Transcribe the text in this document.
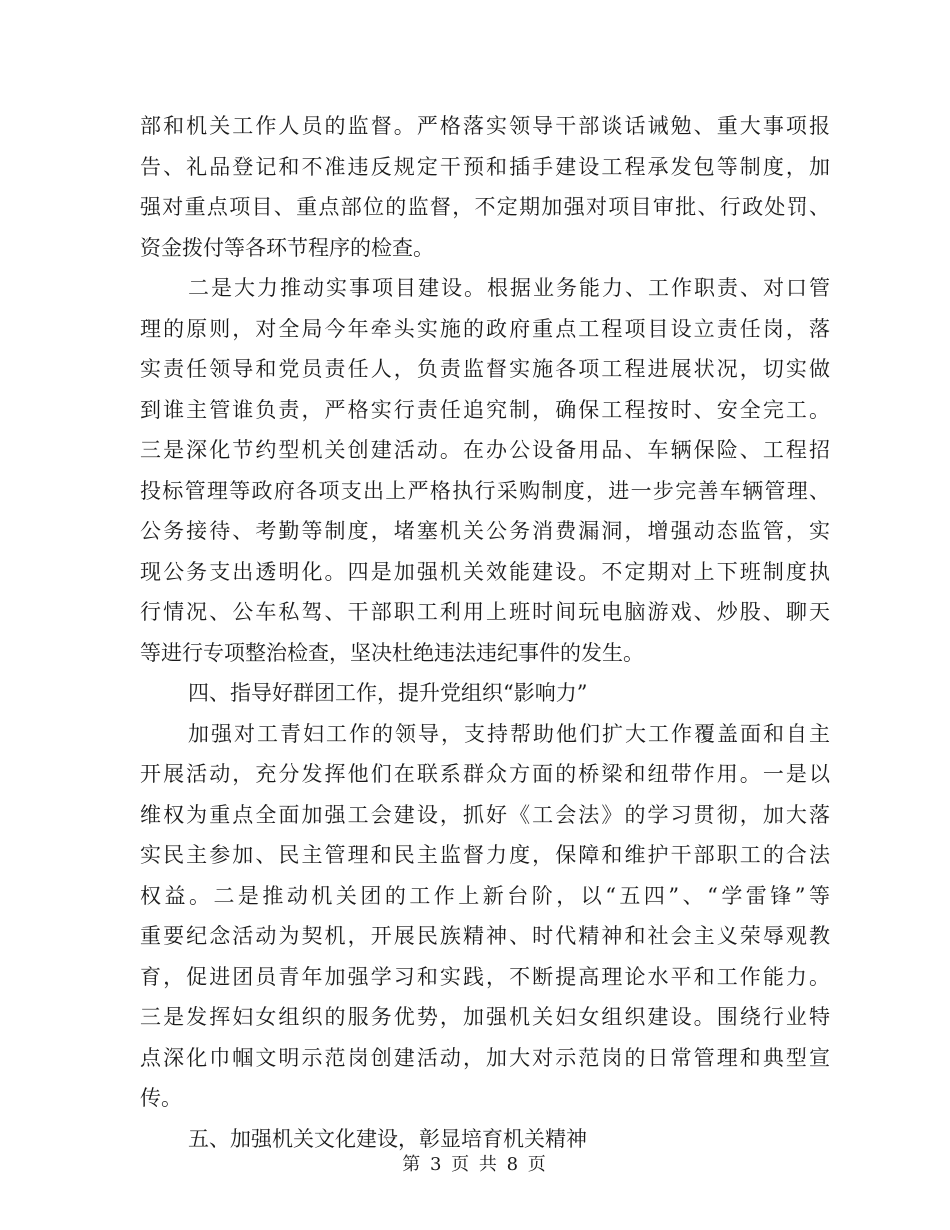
部和机关工作人员的监督。严格落实领导干部谈话诫勉、重大事项报
告、礼品登记和不准违反规定干预和插手建设工程承发包等制度，加
强对重点项目、重点部位的监督，不定期加强对项目审批、行政处罚、
资金拨付等各环节程序的检查。
二是大力推动实事项目建设。根据业务能力、工作职责、对口管
理的原则，对全局今年牵头实施的政府重点工程项目设立责任岗，落
实责任领导和党员责任人，负责监督实施各项工程进展状况，切实做
到谁主管谁负责，严格实行责任追究制，确保工程按时、安全完工。
三是深化节约型机关创建活动。在办公设备用品、车辆保险、工程招
投标管理等政府各项支出上严格执行采购制度，进一步完善车辆管理、
公务接待、考勤等制度，堵塞机关公务消费漏洞，增强动态监管，实
现公务支出透明化。四是加强机关效能建设。不定期对上下班制度执
行情况、公车私驾、干部职工利用上班时间玩电脑游戏、炒股、聊天
等进行专项整治检查，坚决杜绝违法违纪事件的发生。
四、指导好群团工作，提升党组织“影响力”
加强对工青妇工作的领导，支持帮助他们扩大工作覆盖面和自主
开展活动，充分发挥他们在联系群众方面的桥梁和纽带作用。一是以
维权为重点全面加强工会建设，抓好《工会法》的学习贯彻，加大落
实民主参加、民主管理和民主监督力度，保障和维护干部职工的合法
权益。二是推动机关团的工作上新台阶，以“五四”、“学雷锋”等
重要纪念活动为契机，开展民族精神、时代精神和社会主义荣辱观教
育，促进团员青年加强学习和实践，不断提高理论水平和工作能力。
三是发挥妇女组织的服务优势，加强机关妇女组织建设。围绕行业特
点深化巾帼文明示范岗创建活动，加大对示范岗的日常管理和典型宣
传。
五、加强机关文化建设，彰显培育机关精神
第 3 页 共 8 页
